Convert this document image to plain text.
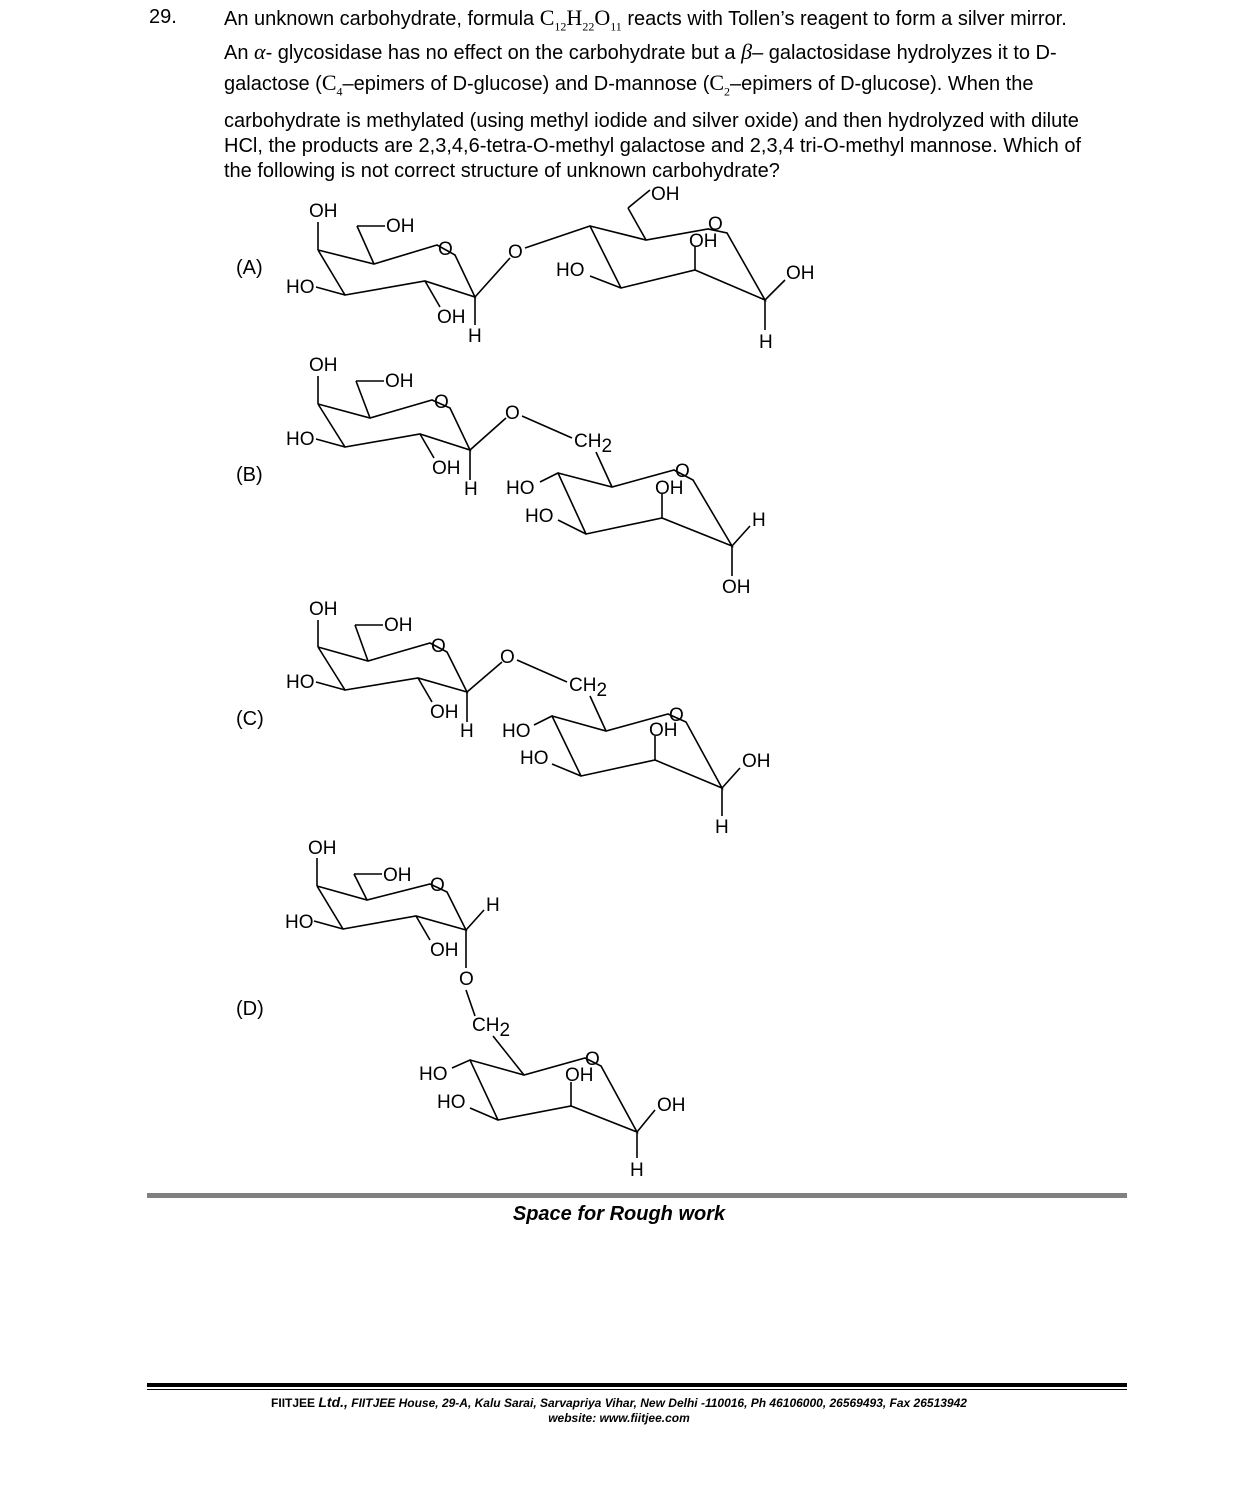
29. An unknown carbohydrate, formula
$C_{12}H_{22}O_{11}$ reacts with Tollen’s reagent to form a silver mirror.
An α- glycosidase has no effect on the carbohydrate but a β– galactosidase hydrolyzes it to D-
galactose (
$C_4$–epimers of D-glucose) and D-mannose (
$C_2$–epimers of D-glucose). When the
carbohydrate is methylated (using methyl iodide and silver oxide) and then hydrolyzed with dilute
HCl, the products are 2,3,4,6-tetra-O-methyl galactose and 2,3,4 tri-O-methyl mannose. Which of
the following is not correct structure of unknown carbohydrate?
(A)
(B)
(C)
(D)
OH
OH
O
HO
OH
H
O
OH
O
OH
HO	OH
H
OH
OH
O
HO
OH
H
O
CH2
O
OH
HO
HO	H
OH
OH
OH
O
HO
OH
H
O
CH2
O
OH
HO
HO	OH
H
OH
OH O
H
HO
OH
O
CH2
O
OH
HO
HO	OH
H
Space for Rough work
FIITJEE Ltd., FIITJEE House, 29-A, Kalu Sarai, Sarvapriya Vihar, New Delhi -110016, Ph 46106000, 26569493, Fax 26513942
website: www.fiitjee.com
